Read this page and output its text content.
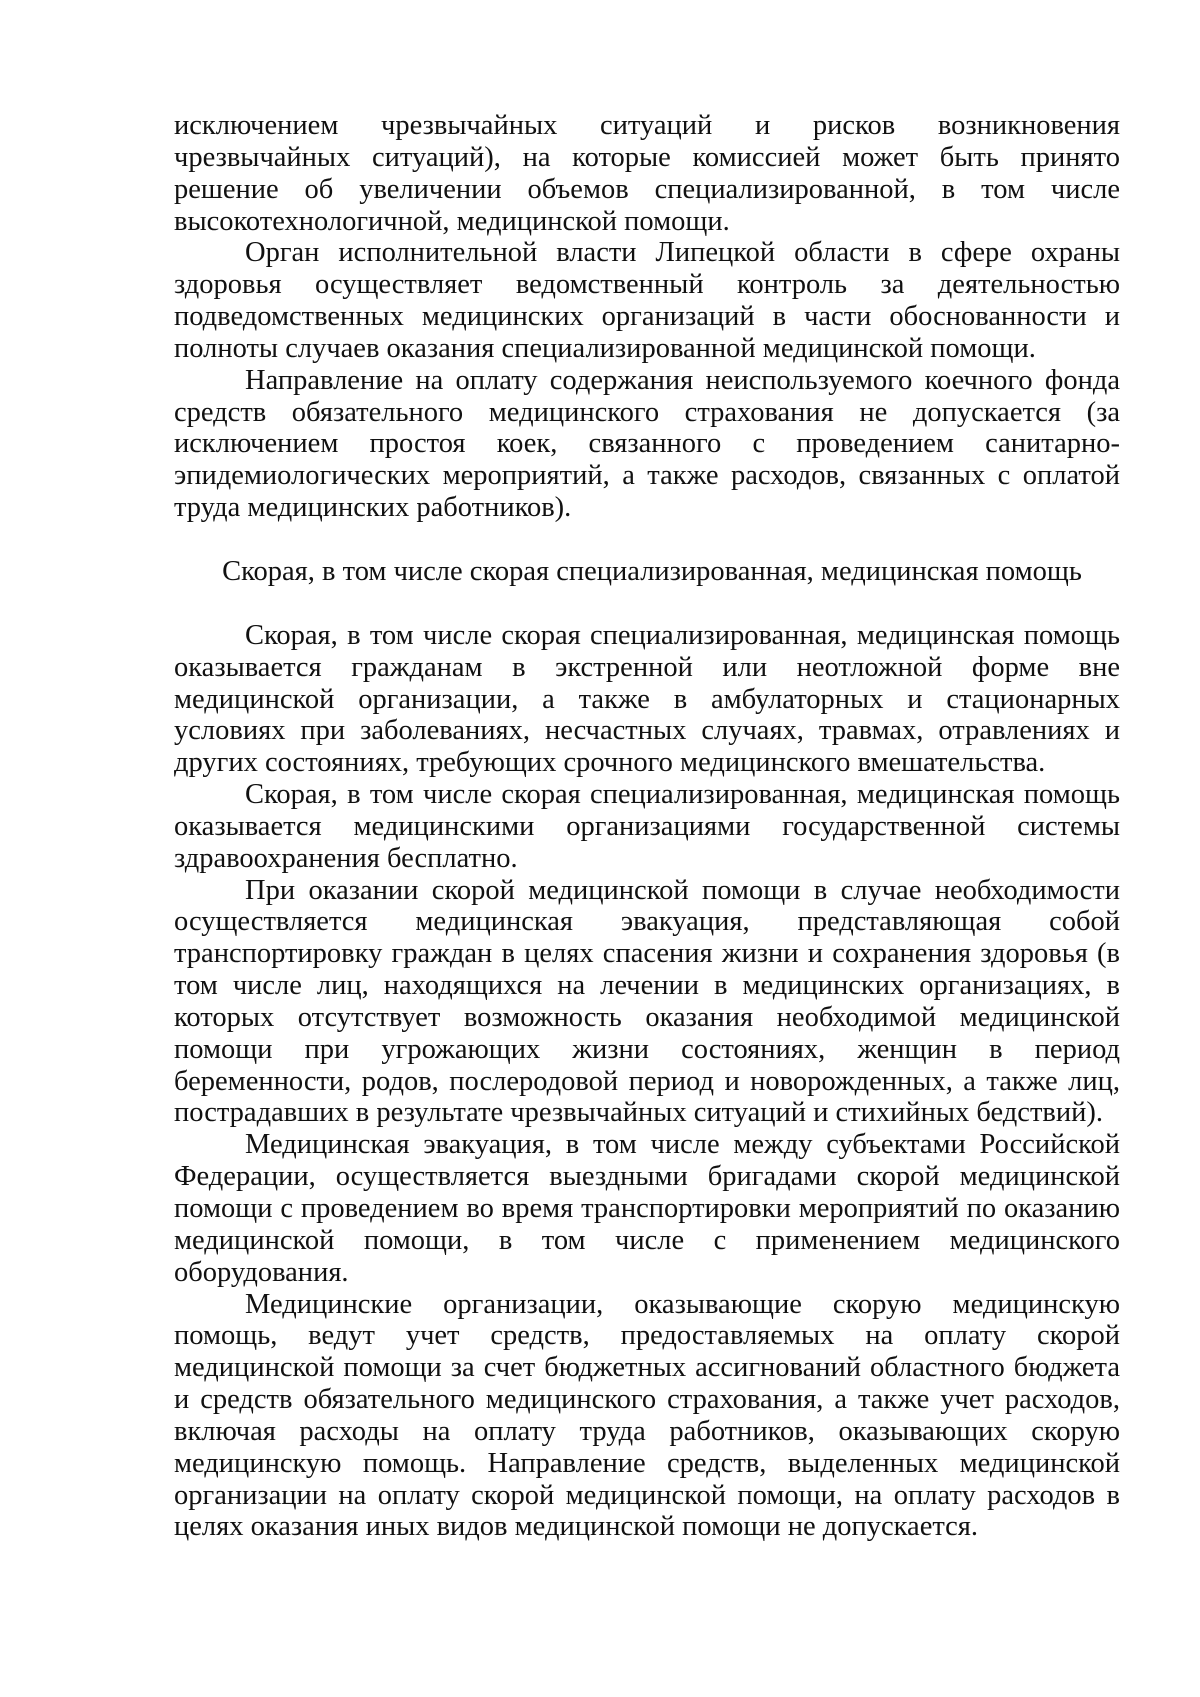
исключением чрезвычайных ситуаций и рисков возникновения чрезвычайных ситуаций), на которые комиссией может быть принято решение об увеличении объемов специализированной, в том числе высокотехнологичной, медицинской помощи.

Орган исполнительной власти Липецкой области в сфере охраны здоровья осуществляет ведомственный контроль за деятельностью подведомственных медицинских организаций в части обоснованности и полноты случаев оказания специализированной медицинской помощи.

Направление на оплату содержания неиспользуемого коечного фонда средств обязательного медицинского страхования не допускается (за исключением простоя коек, связанного с проведением санитарно-эпидемиологических мероприятий, а также расходов, связанных с оплатой труда медицинских работников).

Скорая, в том числе скорая специализированная, медицинская помощь

Скорая, в том числе скорая специализированная, медицинская помощь оказывается гражданам в экстренной или неотложной форме вне медицинской организации, а также в амбулаторных и стационарных условиях при заболеваниях, несчастных случаях, травмах, отравлениях и других состояниях, требующих срочного медицинского вмешательства.

Скорая, в том числе скорая специализированная, медицинская помощь оказывается медицинскими организациями государственной системы здравоохранения бесплатно.

При оказании скорой медицинской помощи в случае необходимости осуществляется медицинская эвакуация, представляющая собой транспортировку граждан в целях спасения жизни и сохранения здоровья (в том числе лиц, находящихся на лечении в медицинских организациях, в которых отсутствует возможность оказания необходимой медицинской помощи при угрожающих жизни состояниях, женщин в период беременности, родов, послеродовой период и новорожденных, а также лиц, пострадавших в результате чрезвычайных ситуаций и стихийных бедствий).

Медицинская эвакуация, в том числе между субъектами Российской Федерации, осуществляется выездными бригадами скорой медицинской помощи с проведением во время транспортировки мероприятий по оказанию медицинской помощи, в том числе с применением медицинского оборудования.

Медицинские организации, оказывающие скорую медицинскую помощь, ведут учет средств, предоставляемых на оплату скорой медицинской помощи за счет бюджетных ассигнований областного бюджета и средств обязательного медицинского страхования, а также учет расходов, включая расходы на оплату труда работников, оказывающих скорую медицинскую помощь. Направление средств, выделенных медицинской организации на оплату скорой медицинской помощи, на оплату расходов в целях оказания иных видов медицинской помощи не допускается.
